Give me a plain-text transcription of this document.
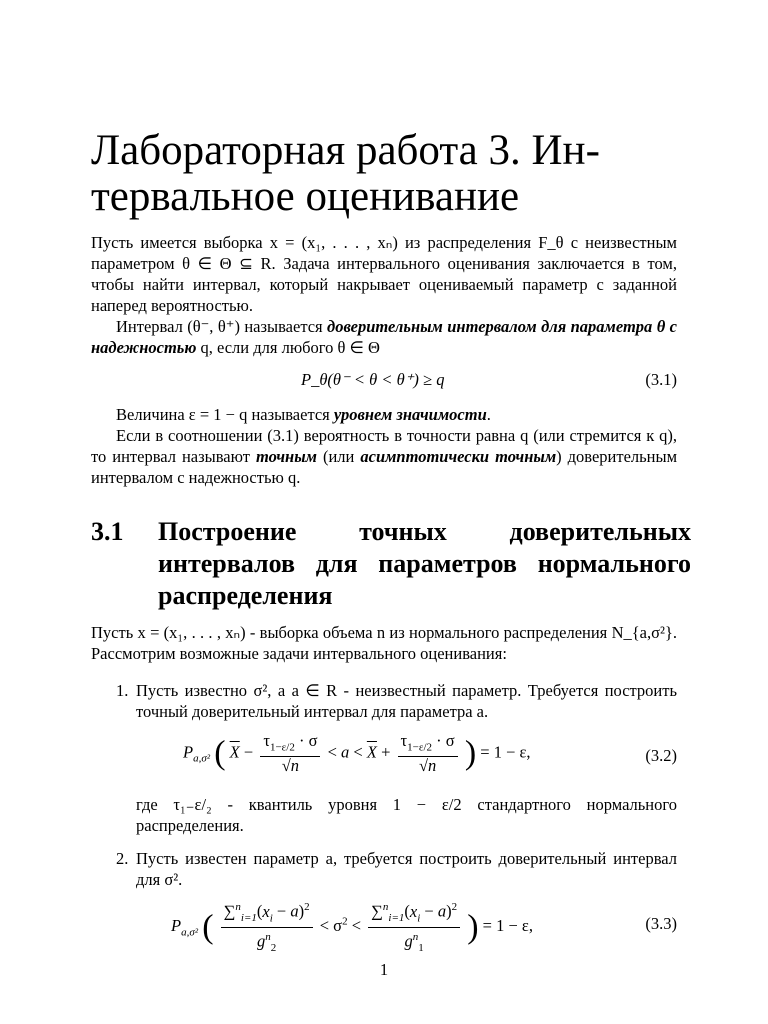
Лабораторная работа 3. Ин-
тервальное оценивание

Пусть имеется выборка x = (x₁, . . . , xₙ) из распределения F_θ с неизвестным параметром θ ∈ Θ ⊆ R. Задача интервального оценивания заключается в том, чтобы найти интервал, который накрывает оцениваемый параметр с заданной наперед вероятностью.

Интервал (θ⁻, θ⁺) называется доверительным интервалом для параметра θ с надежностью q, если для любого θ ∈ Θ

P_θ(θ⁻ < θ < θ⁺) ≥ q	(3.1)

Величина ε = 1 − q называется уровнем значимости.

Если в соотношении (3.1) вероятность в точности равна q (или стремится к q), то интервал называют точным (или асимптотически точным) доверительным интервалом с надежностью q.

3.1 Построение точных доверительных интервалов для параметров нормального распределения

Пусть x = (x₁, . . . , xₙ) - выборка объема n из нормального распределения N_{a,σ²}. Рассмотрим возможные задачи интервального оценивания:

1. Пусть известно σ², а a ∈ R - неизвестный параметр. Требуется построить точный доверительный интервал для параметра a.
$P_{a,\sigma^2}$ ( $\overline{X} - \frac{\tau_{1-\varepsilon/2} \cdot \sigma}{√n} < a < \overline{X} + \frac{\tau_{1-\varepsilon/2} \cdot \sigma}{√n}$ ) = 1 − ε,	(3.2)
где τ₁₋ε/₂ - квантиль уровня 1 − ε/2 стандартного нормального распределения.
2. Пусть известен параметр a, требуется построить доверительный интервал для σ².
$P_{a,\sigma^2}$ ( $\frac{\sum^n_{i=1}(x_i - a)^2}{g^n_2} < \sigma^2 < \frac{\sum^n_{i=1}(x_i - a)^2}{g^n_1}$ ) = 1 − ε,	(3.3)
1
